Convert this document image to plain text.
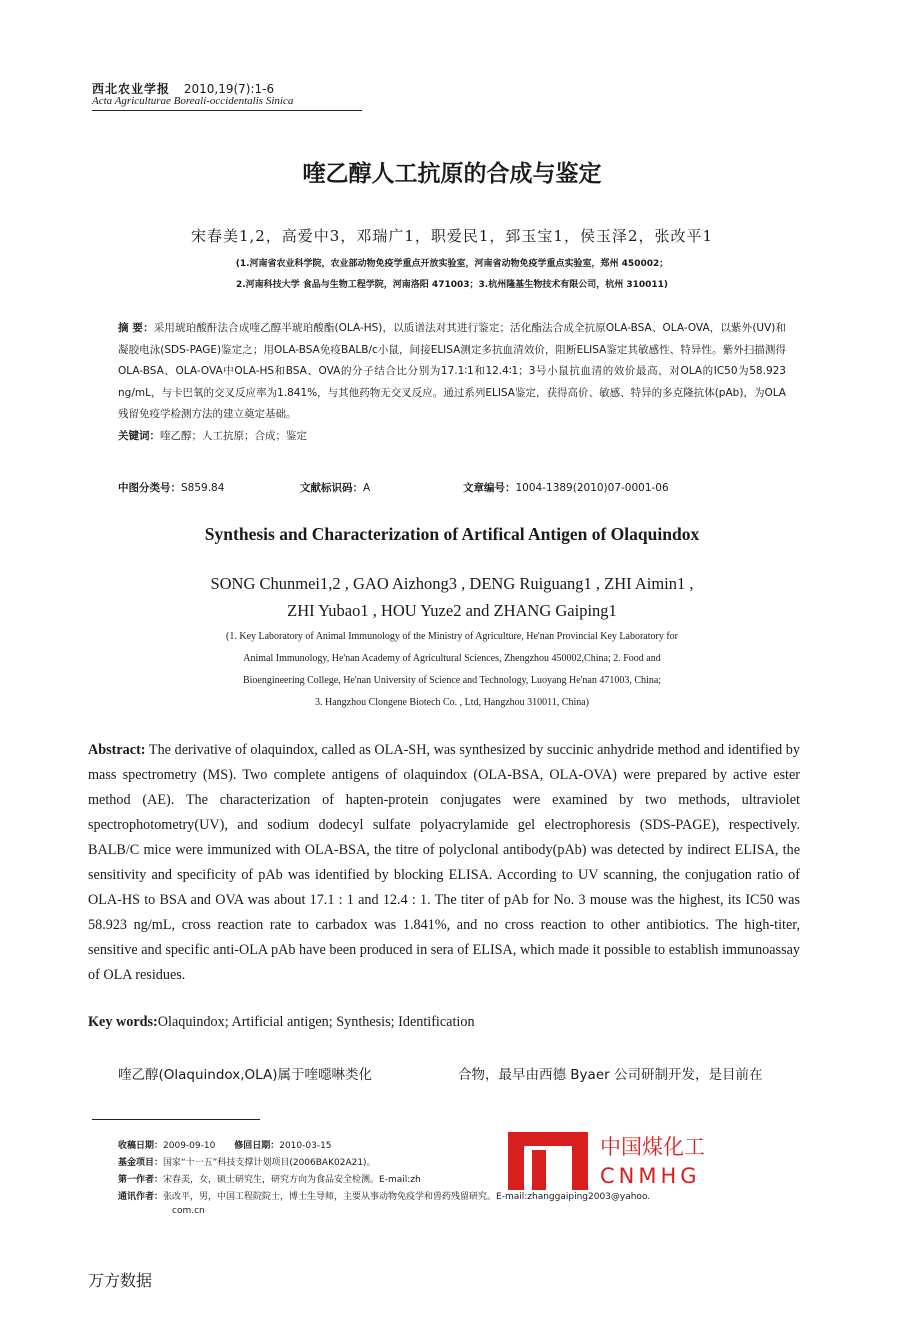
西北农业学报 2010,19(7):1-6
Acta Agriculturae Boreali-occidentalis Sinica
喹乙醇人工抗原的合成与鉴定
宋春美1,2，高爱中3，邓瑞广1，职爱民1，郅玉宝1，侯玉泽2，张改平1
(1.河南省农业科学院，农业部动物免疫学重点开放实验室，河南省动物免疫学重点实验室，郑州 450002；
2.河南科技大学 食品与生物工程学院，河南洛阳 471003；3.杭州隆基生物技术有限公司，杭州 310011)
摘 要：采用琥珀酸酐法合成喹乙醇半琥珀酸酯(OLA-HS)，以质谱法对其进行鉴定；活化酯法合成全抗原OLA-BSA、OLA-OVA，以紫外(UV)和凝胶电泳(SDS-PAGE)鉴定之；用OLA-BSA免疫BALB/c小鼠，间接ELISA测定多抗血清效价，阻断ELISA鉴定其敏感性、特异性。紫外扫描测得OLA-BSA、OLA-OVA中OLA-HS和BSA、OVA的分子结合比分别为17.1∶1和12.4∶1；3号小鼠抗血清的效价最高，对OLA的IC50为58.923 ng/mL，与卡巴氧的交叉反应率为1.841%，与其他药物无交叉反应。通过系列ELISA鉴定，获得高价、敏感、特异的多克隆抗体(pAb)，为OLA残留免疫学检测方法的建立奠定基础。
关键词：喹乙醇；人工抗原；合成；鉴定
中图分类号：S859.84	文献标识码：A	文章编号：1004-1389(2010)07-0001-06
Synthesis and Characterization of Artifical Antigen of Olaquindox
SONG Chunmei1,2 , GAO Aizhong3 , DENG Ruiguang1 , ZHI Aimin1 ,
ZHI Yubao1 , HOU Yuze2 and ZHANG Gaiping1
(1. Key Laboratory of Animal Immunology of the Ministry of Agriculture, He'nan Provincial Key Laboratory for
Animal Immunology, He'nan Academy of Agricultural Sciences, Zhengzhou 450002,China; 2. Food and
Bioengineering College, He'nan University of Science and Technology, Luoyang He'nan 471003, China;
3. Hangzhou Clongene Biotech Co. , Ltd, Hangzhou 310011, China)
Abstract: The derivative of olaquindox, called as OLA-SH, was synthesized by succinic anhydride method and identified by mass spectrometry (MS). Two complete antigens of olaquindox (OLA-BSA, OLA-OVA) were prepared by active ester method (AE). The characterization of hapten-protein conjugates were examined by two methods, ultraviolet spectrophotometry(UV), and sodium dodecyl sulfate polyacrylamide gel electrophoresis (SDS-PAGE), respectively. BALB/C mice were immunized with OLA-BSA, the titre of polyclonal antibody(pAb) was detected by indirect ELISA, the sensitivity and specificity of pAb was identified by blocking ELISA. According to UV scanning, the conjugation ratio of OLA-HS to BSA and OVA was about 17.1 : 1 and 12.4 : 1. The titer of pAb for No. 3 mouse was the highest, its IC50 was 58.923 ng/mL, cross reaction rate to carbadox was 1.841%, and no cross reaction to other antibiotics. The high-titer, sensitive and specific anti-OLA pAb have been produced in sera of ELISA, which made it possible to establish immunoassay of OLA residues.
Key words:Olaquindox; Artificial antigen; Synthesis; Identification
喹乙醇(Olaquindox,OLA)属于喹噁啉类化	合物，最早由西德 Byaer 公司研制开发，是目前在
收稿日期：2009-09-10 修回日期：2010-03-15
基金项目：国家“十一五”科技支撑计划项目(2006BAK02A21)。
第一作者：宋春美，女，硕士研究生，研究方向为食品安全检测。E-mail:zh
通讯作者：张改平，男，中国工程院院士，博士生导师，主要从事动物免疫学和兽药残留研究。E-mail:zhanggaiping2003@yahoo.
com.cn
中国煤化工
CNMHG
万方数据
